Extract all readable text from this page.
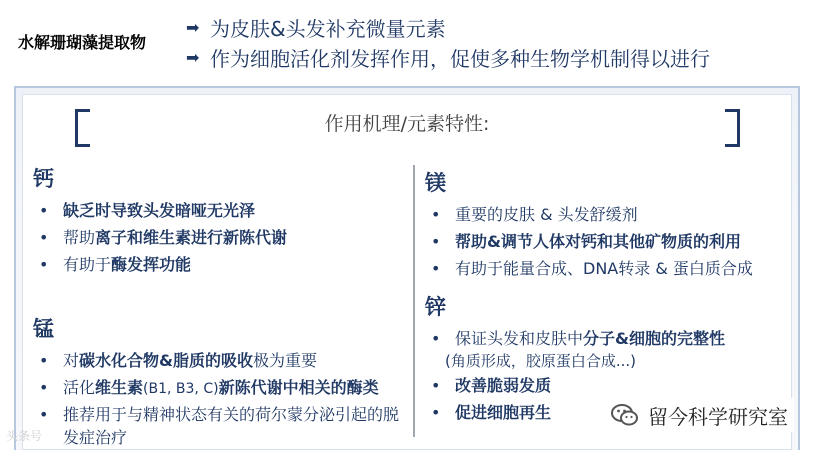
水解珊瑚藻提取物
➡ 为皮肤&头发补充微量元素
➡ 作为细胞活化剂发挥作用，促使多种生物学机制得以进行
作用机理/元素特性:
钙
• 缺乏时导致头发暗哑无光泽
• 帮助离子和维生素进行新陈代谢
• 有助于酶发挥功能
锰
• 对碳水化合物&脂质的吸收极为重要
• 活化维生素(B1, B3, C)新陈代谢中相关的酶类
• 推荐用于与精神状态有关的荷尔蒙分泌引起的脱发症治疗
镁
• 重要的皮肤 & 头发舒缓剂
• 帮助&调节人体对钙和其他矿物质的利用
• 有助于能量合成、DNA转录 & 蛋白质合成
锌
• 保证头发和皮肤中分子&细胞的完整性
(角质形成，胶原蛋白合成...)
• 改善脆弱发质
• 促进细胞再生	留今科学研究室
头条号
